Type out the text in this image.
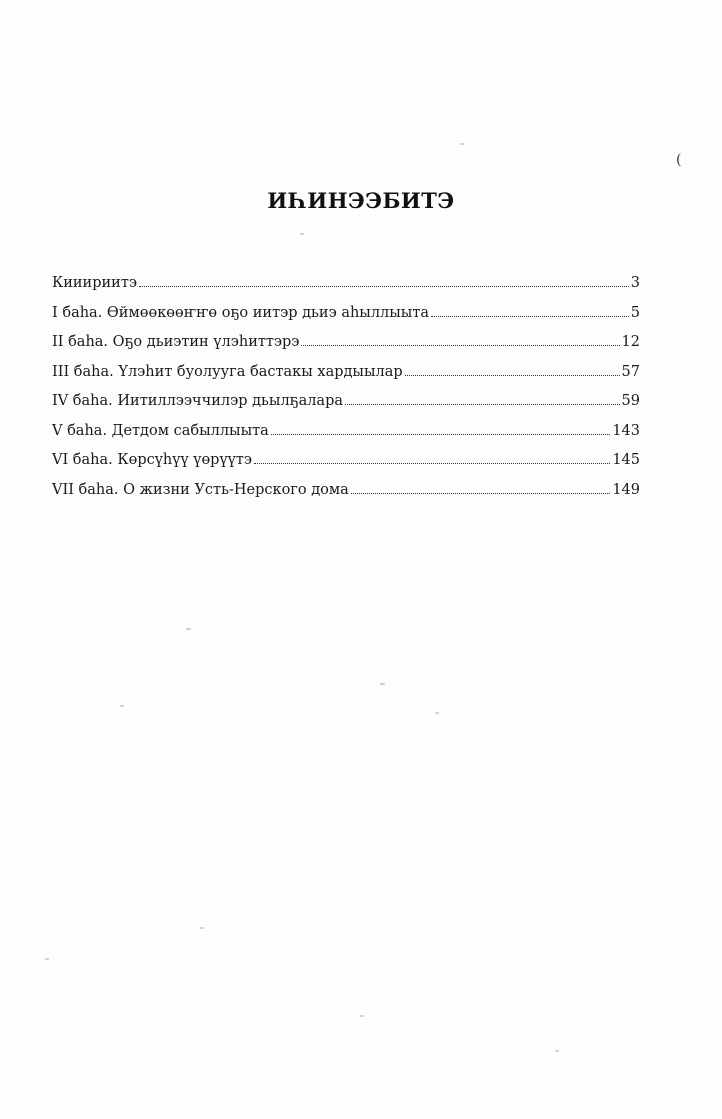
(
ИҺИНЭЭБИТЭ
Кииириитэ	3
I баһа. Өймөөкөөҥҥө оҕо иитэр дьиэ аһыллыыта	5
II баһа. Оҕо дьиэтин үлэһиттэрэ	12
III баһа. Үлэһит буолууга бастакы хардыылар	57
IV баһа. Иитиллээччилэр дьылҕалара	59
V баһа. Детдом сабыллыыта	143
VI баһа. Көрсүһүү үөрүүтэ	145
VII баһа. О жизни Усть-Нерского дома	149
